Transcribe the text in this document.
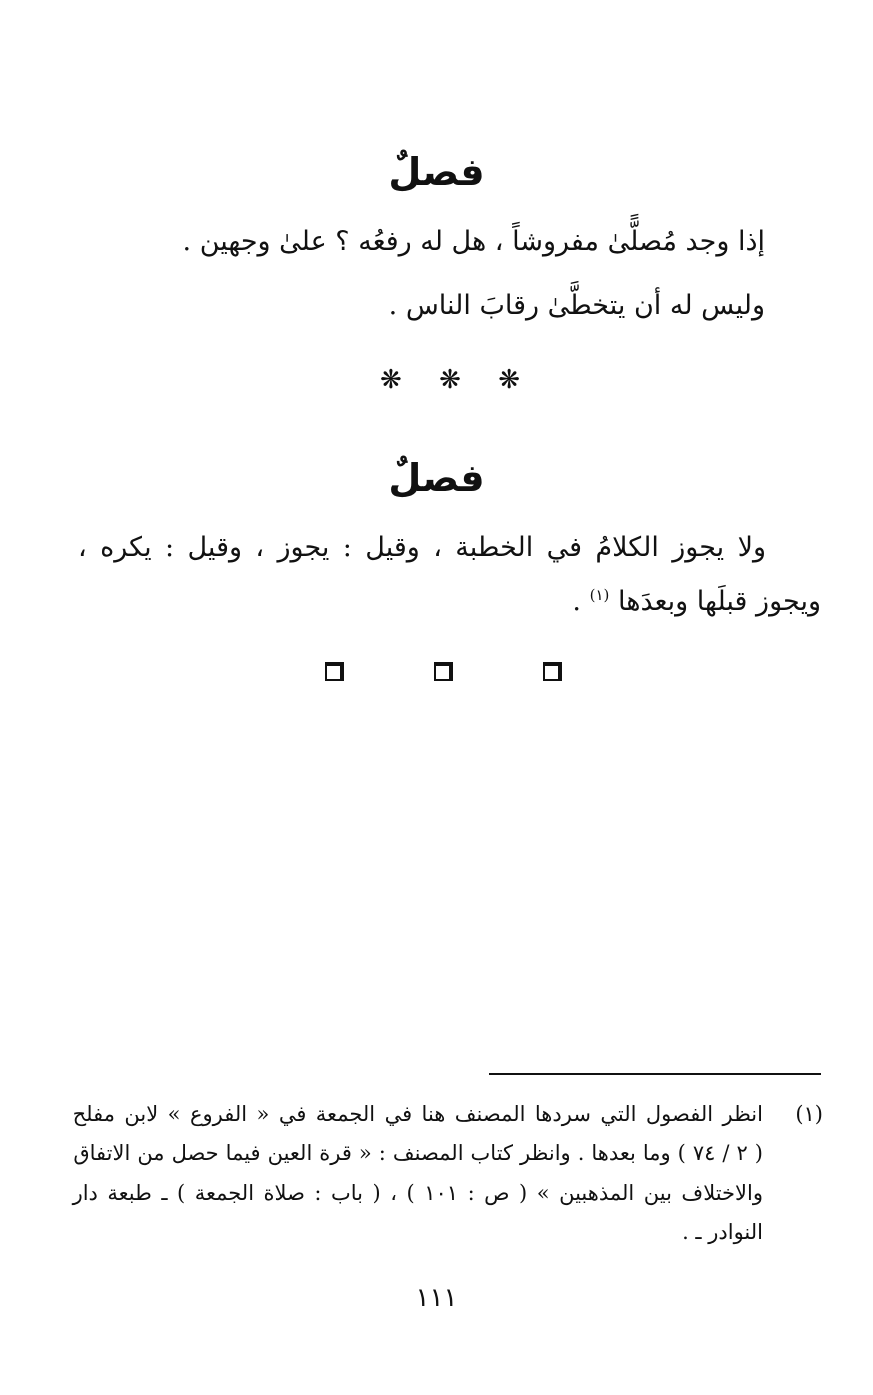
فصلٌ
إذا وجد مُصلًّىٰ مفروشاً ، هل له رفعُه ؟ علىٰ وجهين .
وليس له أن يتخطَّىٰ رقابَ الناس .
❋ ❋ ❋
فصلٌ
ولا
يجوز
الكلامُ
في
الخطبة
،
وقيل
:
يجوز
،
وقيل
:
يكره
،
ويجوز قبلَها وبعدَها $^{(١)}$ .
(١)
انظر الفصول التي سردها المصنف هنا في الجمعة في « الفروع » لابن مفلح
( ٢ / ٧٤ ) وما بعدها . وانظر كتاب المصنف : « قرة العين فيما حصل من الاتفاق
والاختلاف بين المذهبين » ( ص : ١٠١ ) ، ( باب : صلاة الجمعة ) ـ طبعة دار
النوادر ـ .
١١١
